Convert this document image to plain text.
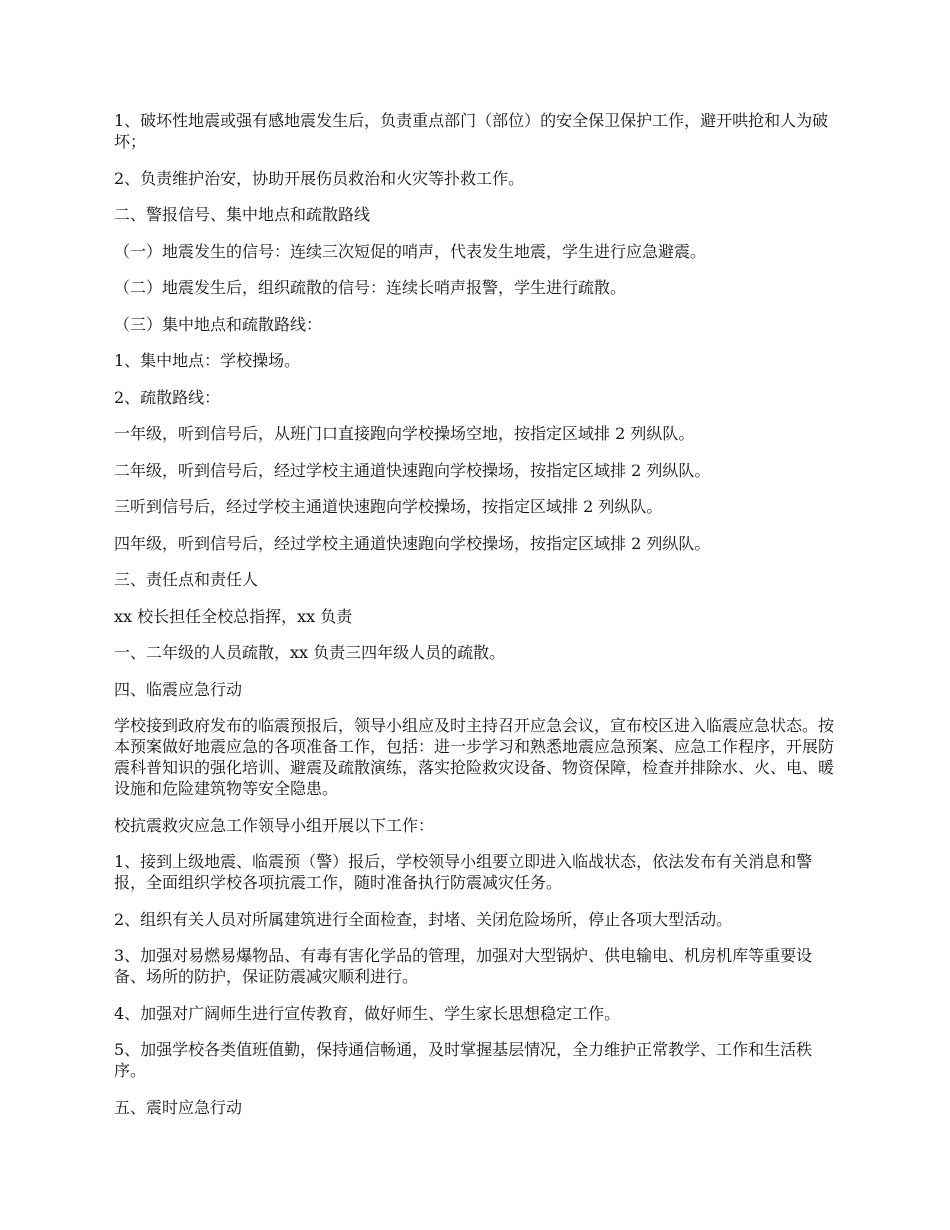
1、破坏性地震或强有感地震发生后，负责重点部门（部位）的安全保卫保护工作，避开哄抢和人为破坏；

2、负责维护治安，协助开展伤员救治和火灾等扑救工作。

二、警报信号、集中地点和疏散路线

（一）地震发生的信号：连续三次短促的哨声，代表发生地震，学生进行应急避震。

（二）地震发生后，组织疏散的信号：连续长哨声报警，学生进行疏散。

（三）集中地点和疏散路线：

1、集中地点：学校操场。

2、疏散路线：

一年级，听到信号后，从班门口直接跑向学校操场空地，按指定区域排 2 列纵队。

二年级，听到信号后，经过学校主通道快速跑向学校操场，按指定区域排 2 列纵队。

三听到信号后，经过学校主通道快速跑向学校操场，按指定区域排 2 列纵队。

四年级，听到信号后，经过学校主通道快速跑向学校操场，按指定区域排 2 列纵队。

三、责任点和责任人

xx 校长担任全校总指挥，xx 负责

一、二年级的人员疏散，xx 负责三四年级人员的疏散。

四、临震应急行动

学校接到政府发布的临震预报后，领导小组应及时主持召开应急会议，宣布校区进入临震应急状态。按本预案做好地震应急的各项准备工作，包括：进一步学习和熟悉地震应急预案、应急工作程序，开展防震科普知识的强化培训、避震及疏散演练，落实抢险救灾设备、物资保障，检查并排除水、火、电、暖设施和危险建筑物等安全隐患。

校抗震救灾应急工作领导小组开展以下工作：

1、接到上级地震、临震预（警）报后，学校领导小组要立即进入临战状态，依法发布有关消息和警报，全面组织学校各项抗震工作，随时准备执行防震减灾任务。

2、组织有关人员对所属建筑进行全面检查，封堵、关闭危险场所，停止各项大型活动。

3、加强对易燃易爆物品、有毒有害化学品的管理，加强对大型锅炉、供电输电、机房机库等重要设备、场所的防护，保证防震减灾顺利进行。

4、加强对广阔师生进行宣传教育，做好师生、学生家长思想稳定工作。

5、加强学校各类值班值勤，保持通信畅通，及时掌握基层情况，全力维护正常教学、工作和生活秩序。

五、震时应急行动
